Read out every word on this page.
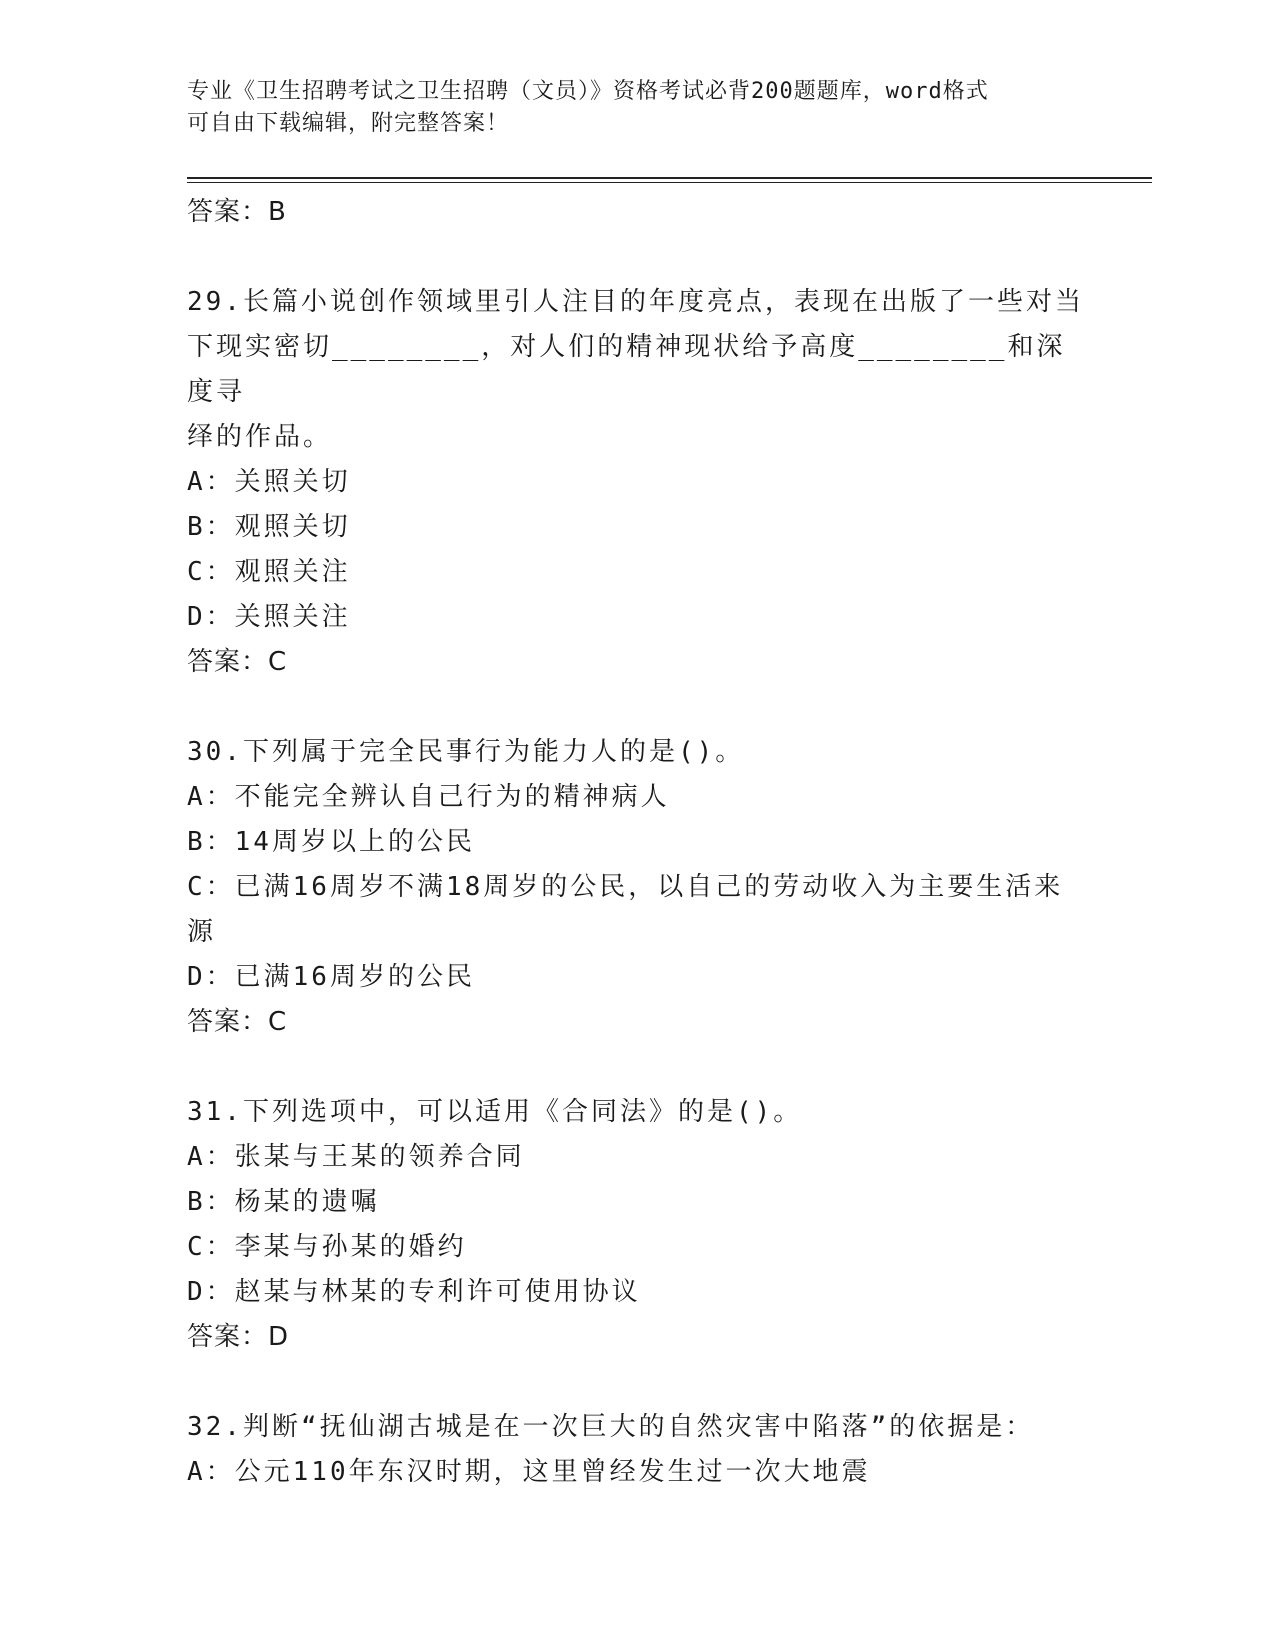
专业《卫生招聘考试之卫生招聘（文员）》资格考试必背200题题库，word格式
可自由下载编辑，附完整答案！
答案：B
29.长篇小说创作领域里引人注目的年度亮点，表现在出版了一些对当
下现实密切________，对人们的精神现状给予高度________和深度寻
绎的作品。
A：关照关切
B：观照关切
C：观照关注
D：关照关注
答案：C
30.下列属于完全民事行为能力人的是()。
A：不能完全辨认自己行为的精神病人
B：14周岁以上的公民
C：已满16周岁不满18周岁的公民，以自己的劳动收入为主要生活来
源
D：已满16周岁的公民
答案：C
31.下列选项中，可以适用《合同法》的是()。
A：张某与王某的领养合同
B：杨某的遗嘱
C：李某与孙某的婚约
D：赵某与林某的专利许可使用协议
答案：D
32.判断“抚仙湖古城是在一次巨大的自然灾害中陷落”的依据是：
A：公元110年东汉时期，这里曾经发生过一次大地震
